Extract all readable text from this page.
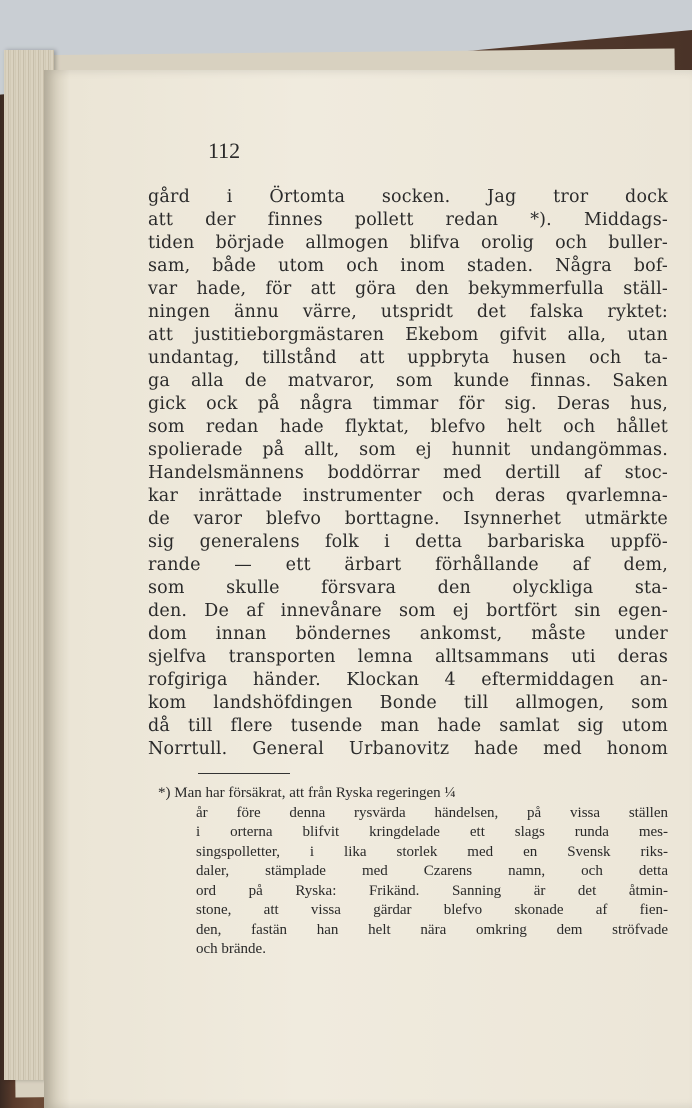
112
gård i Örtomta socken. Jag tror dock
att der finnes pollett redan *). Middags-
tiden började allmogen blifva orolig och buller-
sam, både utom och inom staden. Några bof-
var hade, för att göra den bekymmerfulla ställ-
ningen ännu värre, utspridt det falska ryktet:
att justitieborgmästaren Ekebom gifvit alla, utan
undantag, tillstånd att uppbryta husen och ta-
ga alla de matvaror, som kunde finnas. Saken
gick ock på några timmar för sig. Deras hus,
som redan hade flyktat, blefvo helt och hållet
spolierade på allt, som ej hunnit undangömmas.
Handelsmännens boddörrar med dertill af stoc-
kar inrättade instrumenter och deras qvarlemna-
de varor blefvo borttagne. Isynnerhet utmärkte
sig generalens folk i detta barbariska uppfö-
rande — ett ärbart förhållande af dem,
som skulle försvara den olyckliga sta-
den. De af innevånare som ej bortfört sin egen-
dom innan böndernes ankomst, måste under
sjelfva transporten lemna alltsammans uti deras
rofgiriga händer. Klockan 4 eftermiddagen an-
kom landshöfdingen Bonde till allmogen, som
då till flere tusende man hade samlat sig utom
Norrtull. General Urbanovitz hade med honom
*) Man har försäkrat, att från Ryska regeringen ¼
år före denna rysvärda händelsen, på vissa ställen
i orterna blifvit kringdelade ett slags runda mes-
singspolletter, i lika storlek med en Svensk riks-
daler, stämplade med Czarens namn, och detta
ord på Ryska: Frikänd. Sanning är det åtmin-
stone, att vissa gärdar blefvo skonade af fien-
den, fastän han helt nära omkring dem ströfvade
och brände.
